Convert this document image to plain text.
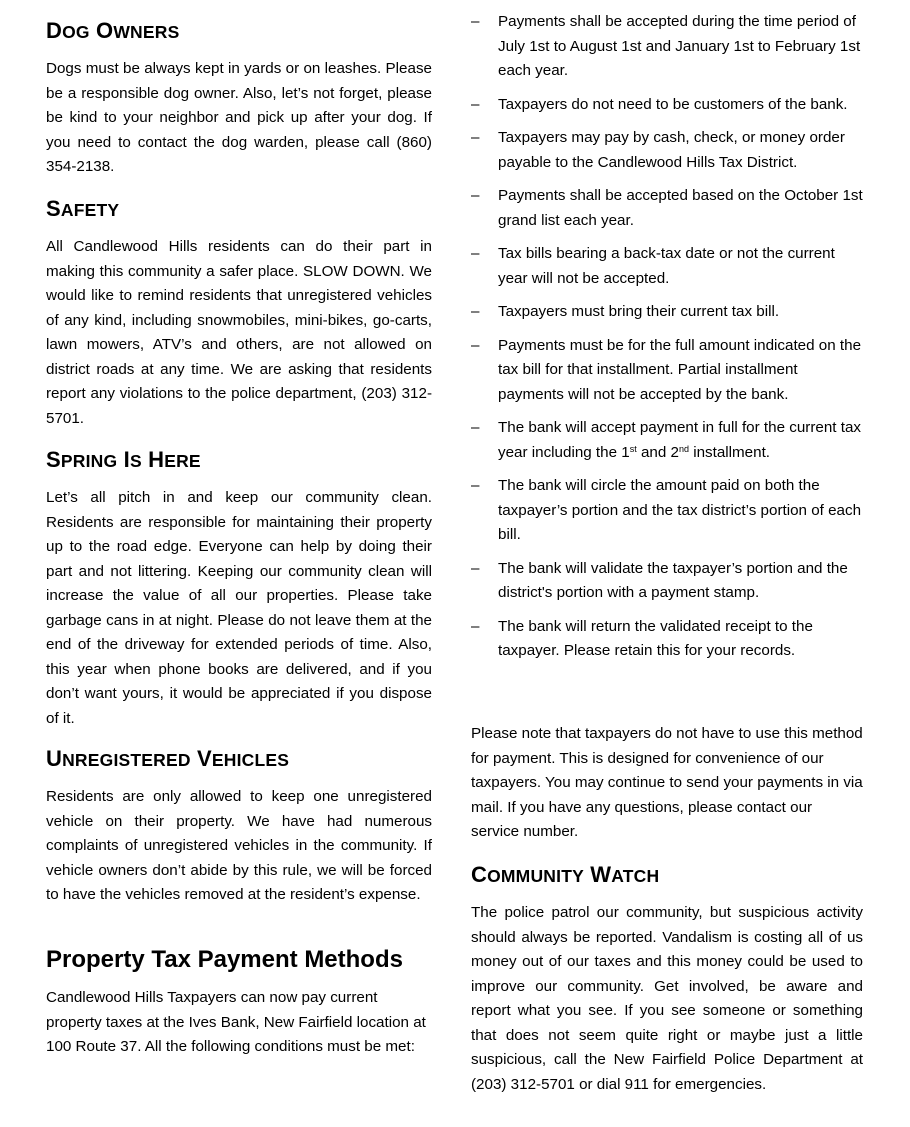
DOG OWNERS

Dogs must be always kept in yards or on leashes. Please be a responsible dog owner. Also, let’s not forget, please be kind to your neighbor and pick up after your dog. If you need to contact the dog warden, please call (860) 354-2138.

SAFETY

All Candlewood Hills residents can do their part in making this community a safer place. SLOW DOWN. We would like to remind residents that unregistered vehicles of any kind, including snowmobiles, mini-bikes, go-carts, lawn mowers, ATV’s and others, are not allowed on district roads at any time. We are asking that residents report any violations to the police department, (203) 312-5701.

SPRING IS HERE

Let’s all pitch in and keep our community clean. Residents are responsible for maintaining their property up to the road edge. Everyone can help by doing their part and not littering. Keeping our community clean will increase the value of all our properties. Please take garbage cans in at night. Please do not leave them at the end of the driveway for extended periods of time. Also, this year when phone books are delivered, and if you don’t want yours, it would be appreciated if you dispose of it.

UNREGISTERED VEHICLES

Residents are only allowed to keep one unregistered vehicle on their property. We have had numerous complaints of unregistered vehicles in the community. If vehicle owners don’t abide by this rule, we will be forced to have the vehicles removed at the resident’s expense.

Property Tax Payment Methods

Candlewood Hills Taxpayers can now pay current property taxes at the Ives Bank, New Fairfield location at 100 Route 37. All the following conditions must be met:

– Payments shall be accepted during the time period of July 1st to August 1st and January 1st to February 1st each year.
– Taxpayers do not need to be customers of the bank.
– Taxpayers may pay by cash, check, or money order payable to the Candlewood Hills Tax District.
– Payments shall be accepted based on the October 1st grand list each year.
– Tax bills bearing a back-tax date or not the current year will not be accepted.
– Taxpayers must bring their current tax bill.
– Payments must be for the full amount indicated on the tax bill for that installment. Partial installment payments will not be accepted by the bank.
– The bank will accept payment in full for the current tax year including the 1st and 2nd installment.
– The bank will circle the amount paid on both the taxpayer’s portion and the tax district’s portion of each bill.
– The bank will validate the taxpayer’s portion and the district's portion with a payment stamp.
– The bank will return the validated receipt to the taxpayer. Please retain this for your records.

Please note that taxpayers do not have to use this method for payment. This is designed for convenience of our taxpayers. You may continue to send your payments in via mail. If you have any questions, please contact our service number.

COMMUNITY WATCH

The police patrol our community, but suspicious activity should always be reported. Vandalism is costing all of us money out of our taxes and this money could be used to improve our community. Get involved, be aware and report what you see. If you see someone or something that does not seem quite right or maybe just a little suspicious, call the New Fairfield Police Department at (203) 312-5701 or dial 911 for emergencies.
